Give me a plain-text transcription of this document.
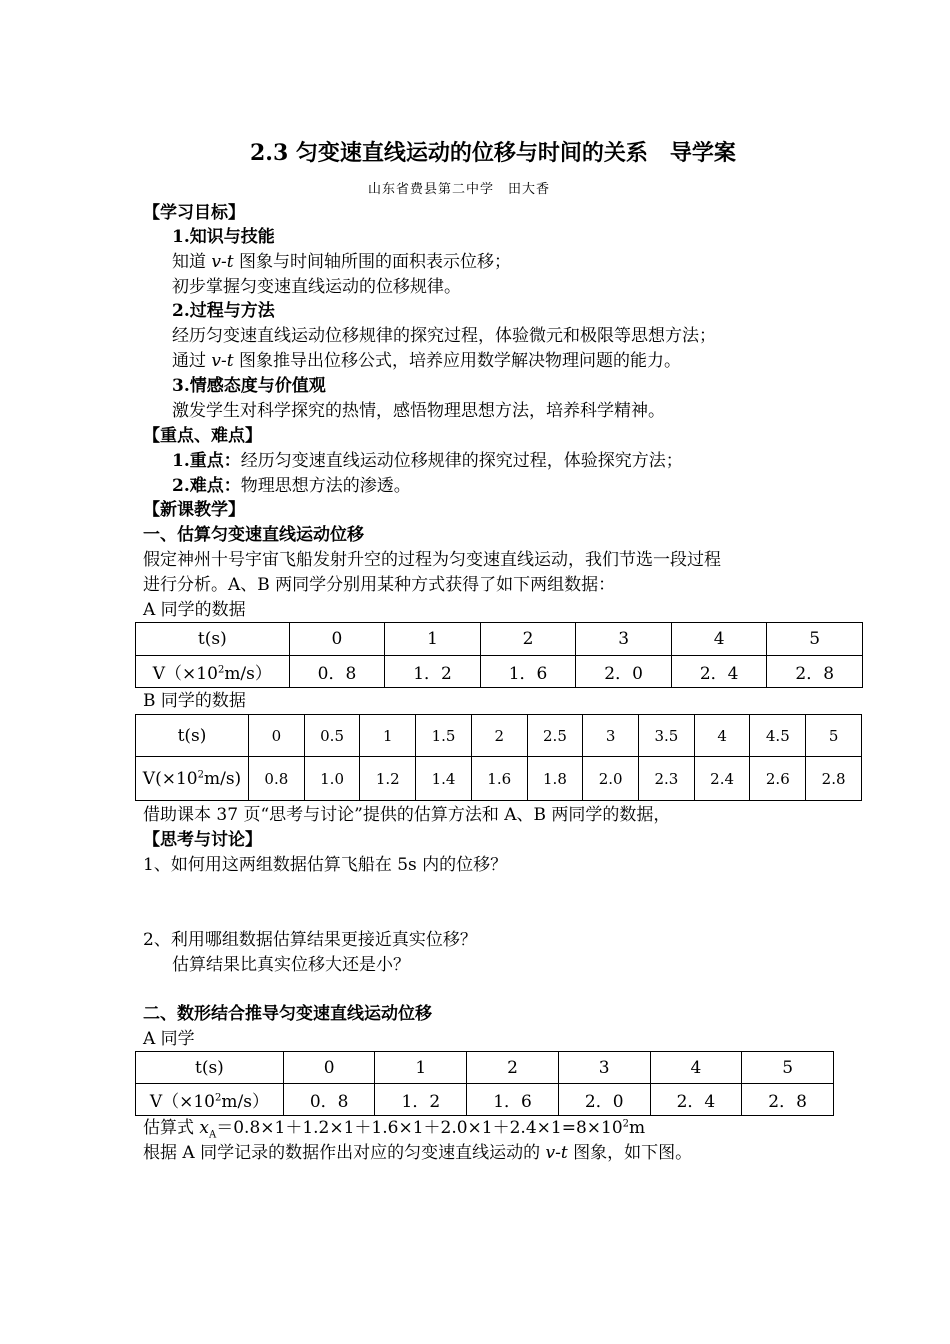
2.3 匀变速直线运动的位移与时间的关系　导学案
山东省费县第二中学　田大香
【学习目标】
1.知识与技能
知道 v-t 图象与时间轴所围的面积表示位移；
初步掌握匀变速直线运动的位移规律。
2.过程与方法
经历匀变速直线运动位移规律的探究过程，体验微元和极限等思想方法；
通过 v-t 图象推导出位移公式，培养应用数学解决物理问题的能力。
3.情感态度与价值观
激发学生对科学探究的热情，感悟物理思想方法，培养科学精神。
【重点、难点】
1.重点：经历匀变速直线运动位移规律的探究过程，体验探究方法；
2.难点：物理思想方法的渗透。
【新课教学】
一、估算匀变速直线运动位移
假定神州十号宇宙飞船发射升空的过程为匀变速直线运动，我们节选一段过程
进行分析。A、B 两同学分别用某种方式获得了如下两组数据：
A 同学的数据
t(s)	0	1	2	3	4	5
$V(\times 10^2m/s)$	0．8	1．2	1．6	2．0	2．4	2．8
B 同学的数据
t(s)	0	0.5	1	1.5	2	2.5	3	3.5	4	4.5	5
$V(\times 10^2m/s)$	0.8	1.0	1.2	1.4	1.6	1.8	2.0	2.3	2.4	2.6	2.8
借助课本 37 页“思考与讨论”提供的估算方法和 A、B 两同学的数据，
【思考与讨论】
1、如何用这两组数据估算飞船在 5s 内的位移？
2、利用哪组数据估算结果更接近真实位移？
估算结果比真实位移大还是小？
二、数形结合推导匀变速直线运动位移
A 同学
t(s)	0	1	2	3	4	5
$V(\times 10^2m/s)$	0．8	1．2	1．6	2．0	2．4	2．8
估算式 $x_A=0.8\times 1+1.2\times 1+1.6\times 1+2.0\times 1+2.4\times 1=8\times 10^2m$
根据 A 同学记录的数据作出对应的匀变速直线运动的 v-t 图象，如下图。
